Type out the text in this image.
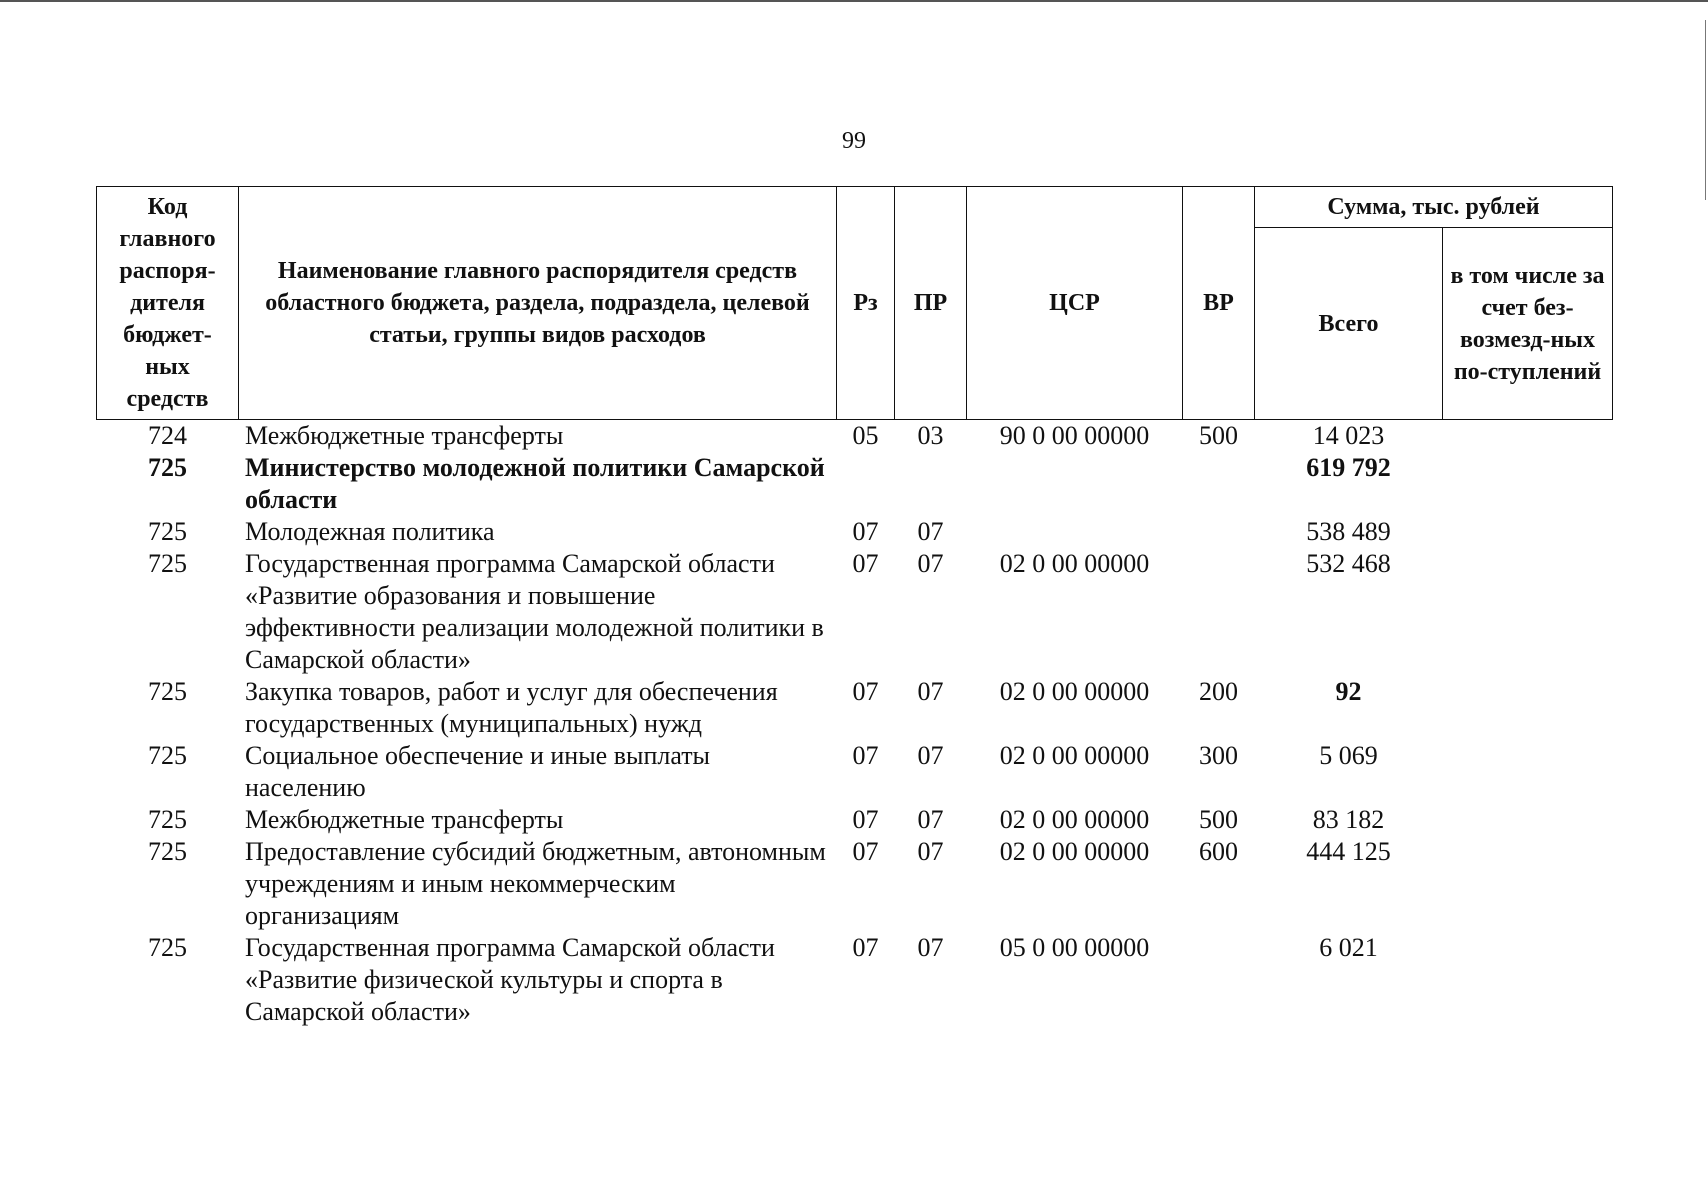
99
Код главного распоря-дителя бюджет-ных средств	Наименование главного распорядителя средств областного бюджета, раздела, подраздела, целевой статьи, группы видов расходов	Рз	ПР	ЦСР	ВР	Сумма, тыс. рублей	
						Всего	в том числе за счет без-возмезд-ных по-ступлений
724	Межбюджетные трансферты	05	03	90 0 00 00000	500	14 023	
725	Министерство молодежной политики Самарской области					619 792	
725	Молодежная политика	07	07			538 489	
725	Государственная программа Самарской области «Развитие образования и повышение эффективности реализации молодежной политики в Самарской области»	07	07	02 0 00 00000		532 468	
725	Закупка товаров, работ и услуг для обеспечения государственных (муниципальных) нужд	07	07	02 0 00 00000	200	92	
725	Социальное обеспечение и иные выплаты населению	07	07	02 0 00 00000	300	5 069	
725	Межбюджетные трансферты	07	07	02 0 00 00000	500	83 182	
725	Предоставление субсидий бюджетным, автономным учреждениям и иным некоммерческим организациям	07	07	02 0 00 00000	600	444 125	
725	Государственная программа Самарской области «Развитие физической культуры и спорта в Самарской области»	07	07	05 0 00 00000		6 021	
